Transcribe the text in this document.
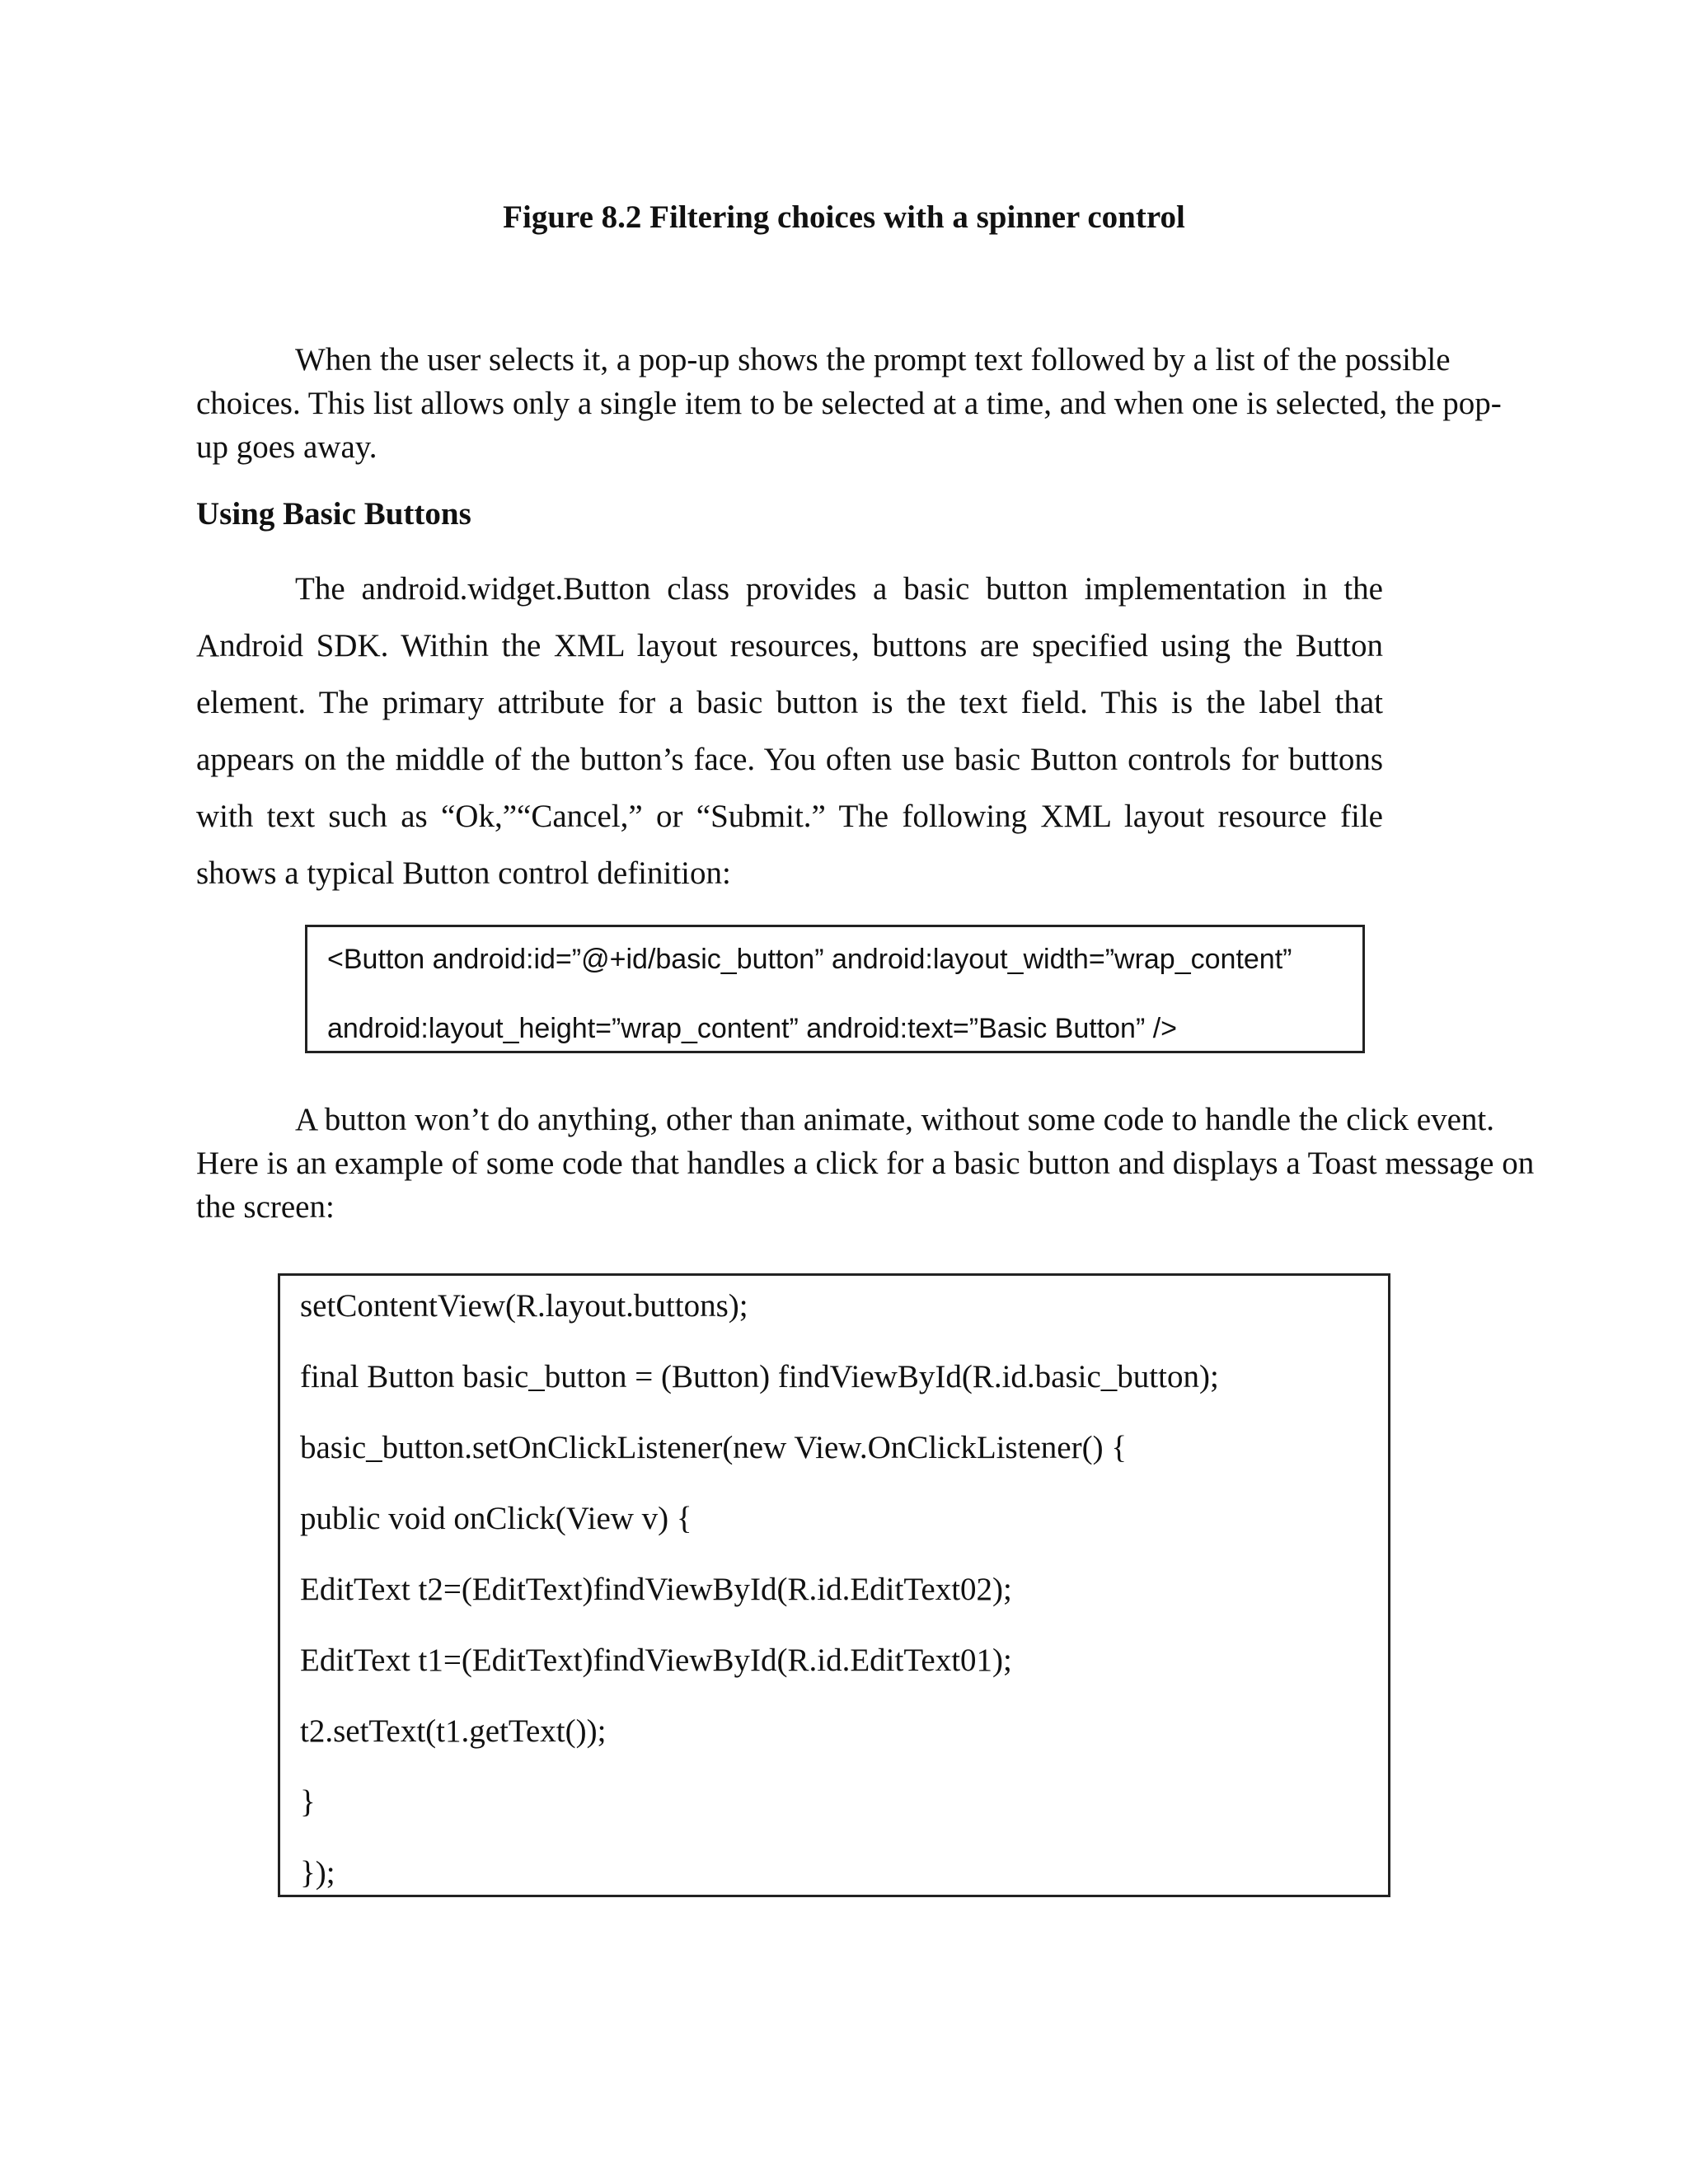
Figure 8.2 Filtering choices with a spinner control

When the user selects it, a pop-up shows the prompt text followed by a list of the possible choices. This list allows only a single item to be selected at a time, and when one is selected, the pop-up goes away.

Using Basic Buttons

The android.widget.Button class provides a basic button implementation in the Android SDK. Within the XML layout resources, buttons are specified using the Button element. The primary attribute for a basic button is the text field. This is the label that appears on the middle of the button’s face. You often use basic Button controls for buttons with text such as “Ok,”“Cancel,” or “Submit.” The following XML layout resource file shows a typical Button control definition:

<Button android:id=”@+id/basic_button” android:layout_width=”wrap_content”
android:layout_height=”wrap_content” android:text=”Basic Button” />

A button won’t do anything, other than animate, without some code to handle the click event. Here is an example of some code that handles a click for a basic button and displays a Toast message on the screen:

setContentView(R.layout.buttons);
final Button basic_button = (Button) findViewById(R.id.basic_button);
basic_button.setOnClickListener(new View.OnClickListener() {
public void onClick(View v) {
EditText t2=(EditText)findViewById(R.id.EditText02);
EditText t1=(EditText)findViewById(R.id.EditText01);
t2.setText(t1.getText());
}
});
